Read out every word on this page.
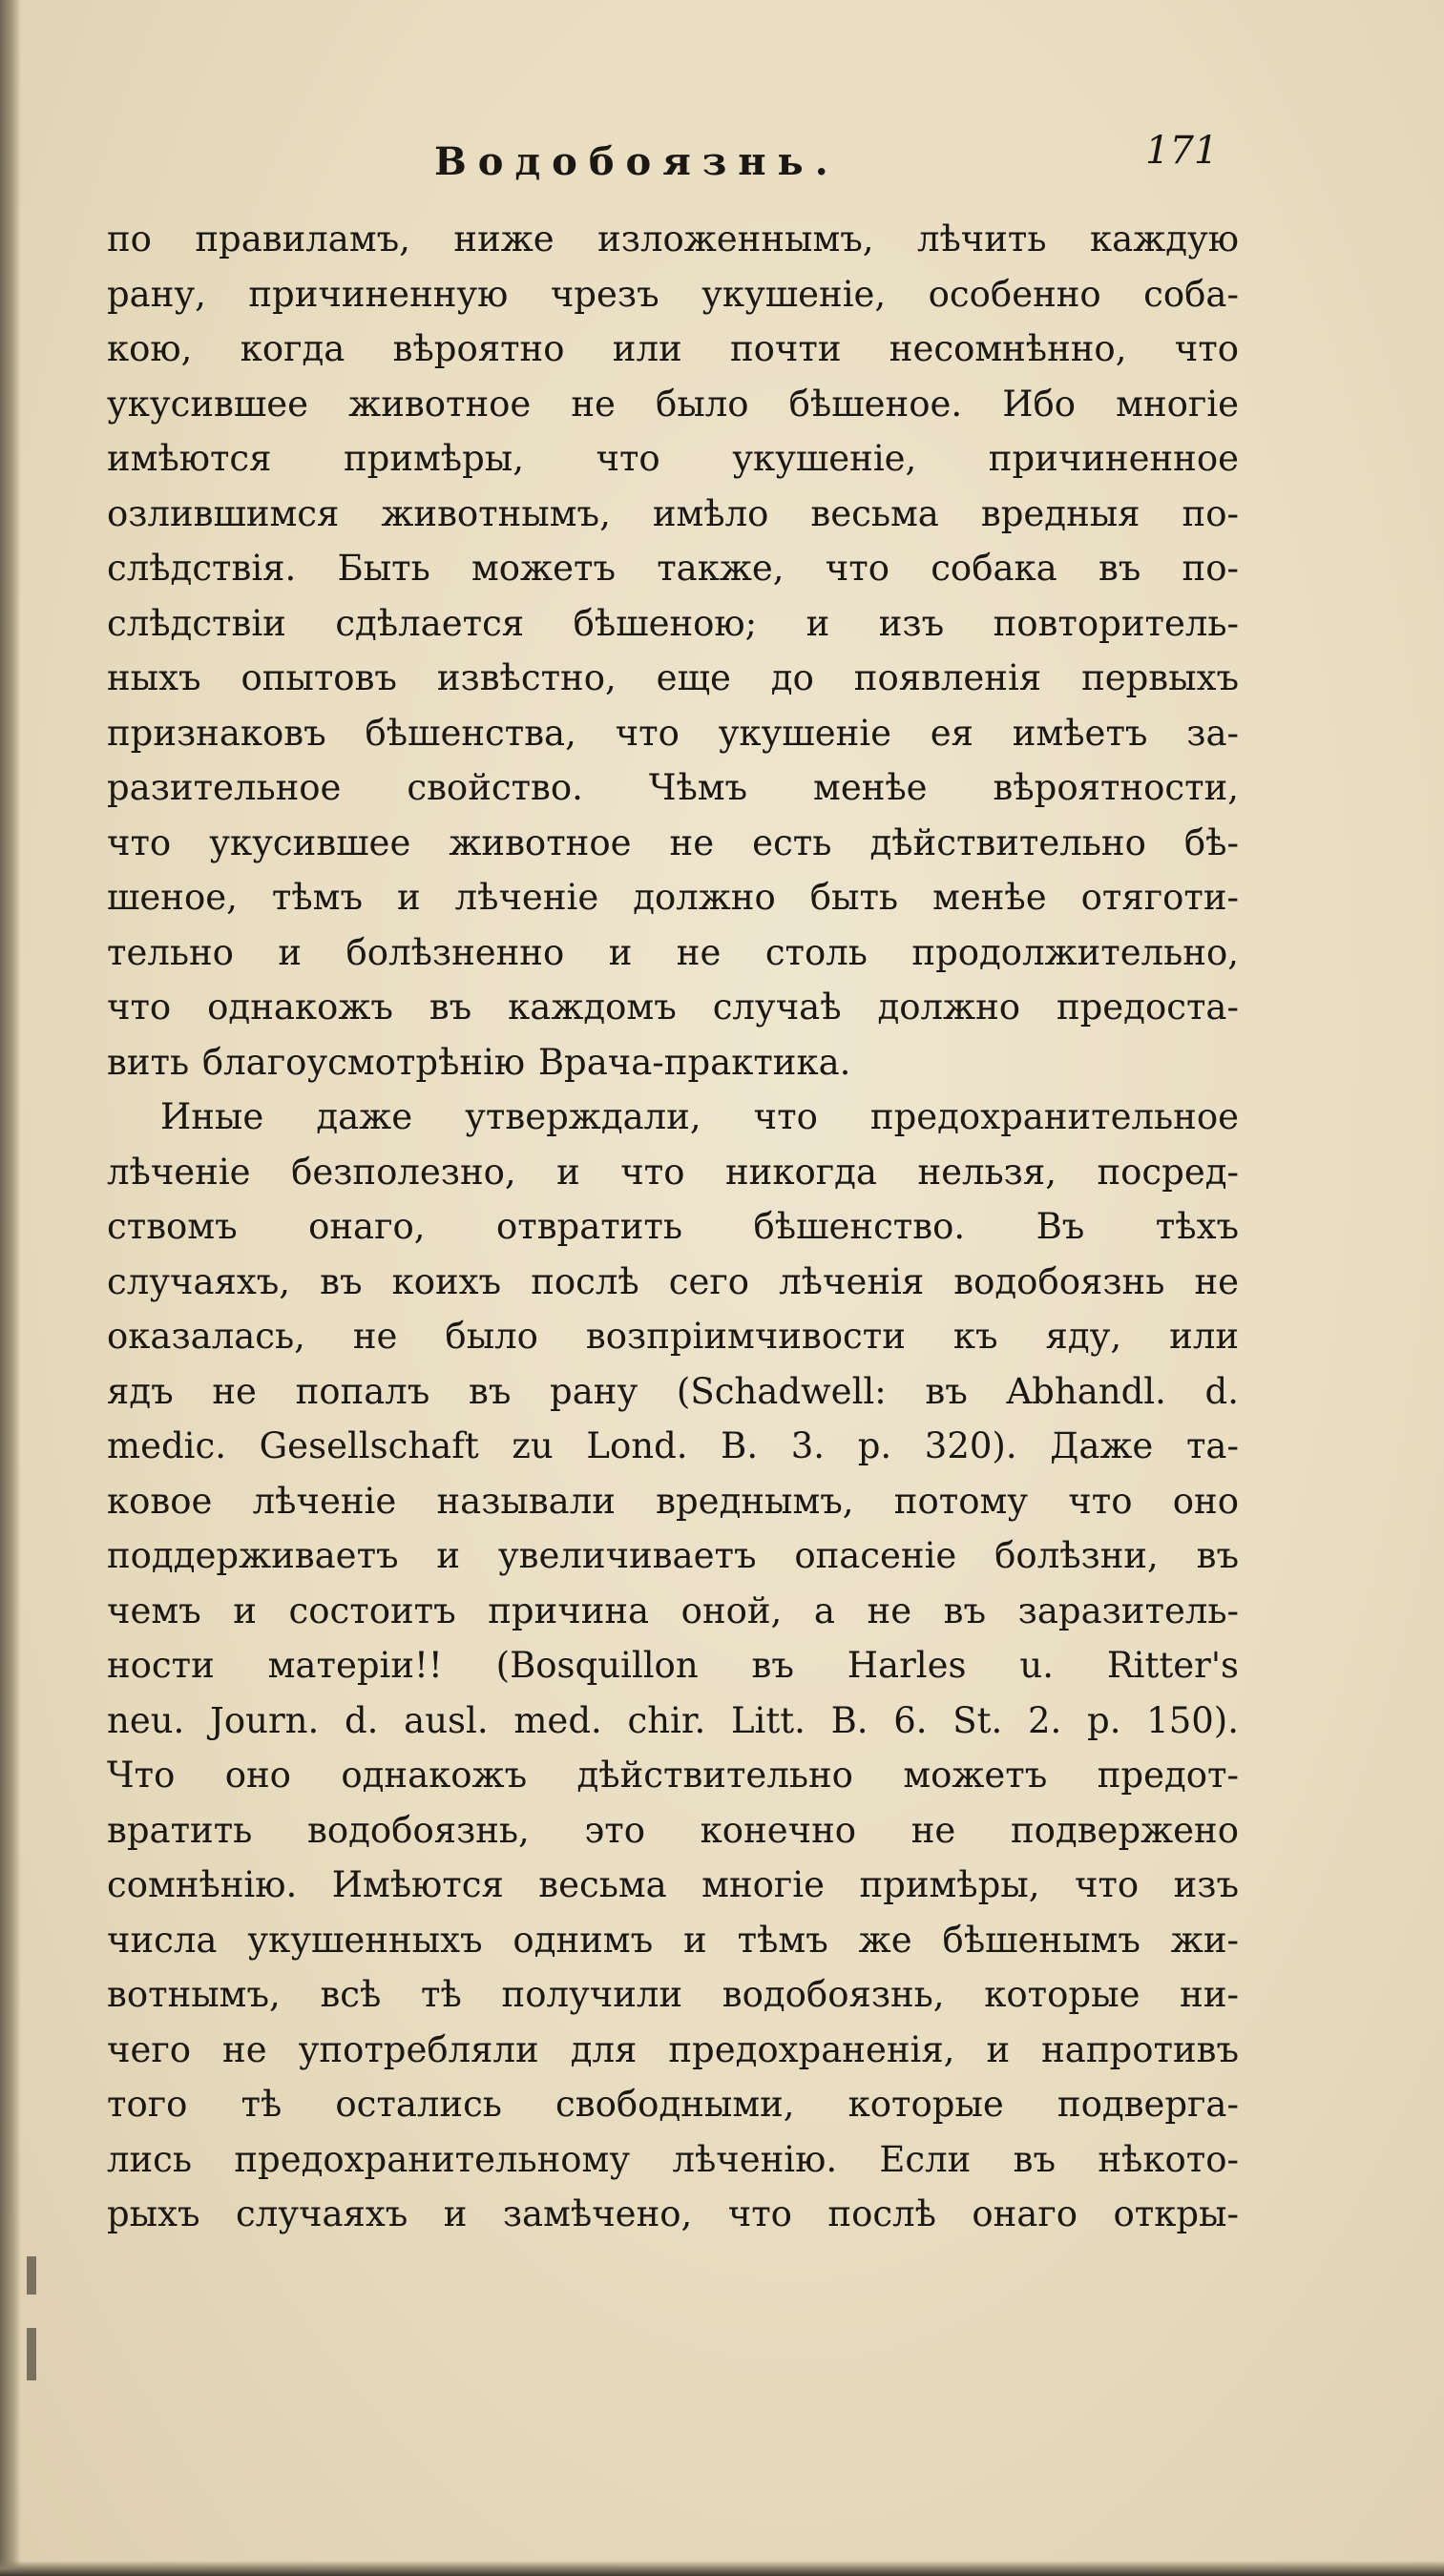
Водобоязнь.	171
по правиламъ, ниже изложеннымъ, лѣчить каждую
рану, причиненную чрезъ укушеніе, особенно соба-
кою, когда вѣроятно или почти несомнѣнно, что
укусившее животное не было бѣшеное. Ибо многіе
имѣются примѣры, что укушеніе, причиненное
озлившимся животнымъ, имѣло весьма вредныя по-
слѣдствія. Быть можетъ также, что собака въ по-
слѣдствіи сдѣлается бѣшеною; и изъ повторитель-
ныхъ опытовъ извѣстно, еще до появленія первыхъ
признаковъ бѣшенства, что укушеніе ея имѣетъ за-
разительное свойство. Чѣмъ менѣе вѣроятности,
что укусившее животное не есть дѣйствительно бѣ-
шеное, тѣмъ и лѣченіе должно быть менѣе отяготи-
тельно и болѣзненно и не столь продолжительно,
что однакожъ въ каждомъ случаѣ должно предоста-
вить благоусмотрѣнію Врача-практика.
Иные даже утверждали, что предохранительное
лѣченіе безполезно, и что никогда нельзя, посред-
ствомъ онаго, отвратить бѣшенство. Въ тѣхъ
случаяхъ, въ коихъ послѣ сего лѣченія водобоязнь не
оказалась, не было возпріимчивости къ яду, или
ядъ не попалъ въ рану (Schadwell: въ Abhandl. d.
medic. Gesellschaft zu Lond. B. 3. p. 320). Даже та-
ковое лѣченіе называли вреднымъ, потому что оно
поддерживаетъ и увеличиваетъ опасеніе болѣзни, въ
чемъ и состоитъ причина оной, а не въ заразитель-
ности матеріи!! (Bosquillon въ Harles u. Ritter's
neu. Journ. d. ausl. med. chir. Litt. B. 6. St. 2. p. 150).
Что оно однакожъ дѣйствительно можетъ предот-
вратить водобоязнь, это конечно не подвержено
сомнѣнію. Имѣются весьма многіе примѣры, что изъ
числа укушенныхъ однимъ и тѣмъ же бѣшенымъ жи-
вотнымъ, всѣ тѣ получили водобоязнь, которые ни-
чего не употребляли для предохраненія, и напротивъ
того тѣ остались свободными, которые подверга-
лись предохранительному лѣченію. Если въ нѣкото-
рыхъ случаяхъ и замѣчено, что послѣ онаго откры-
